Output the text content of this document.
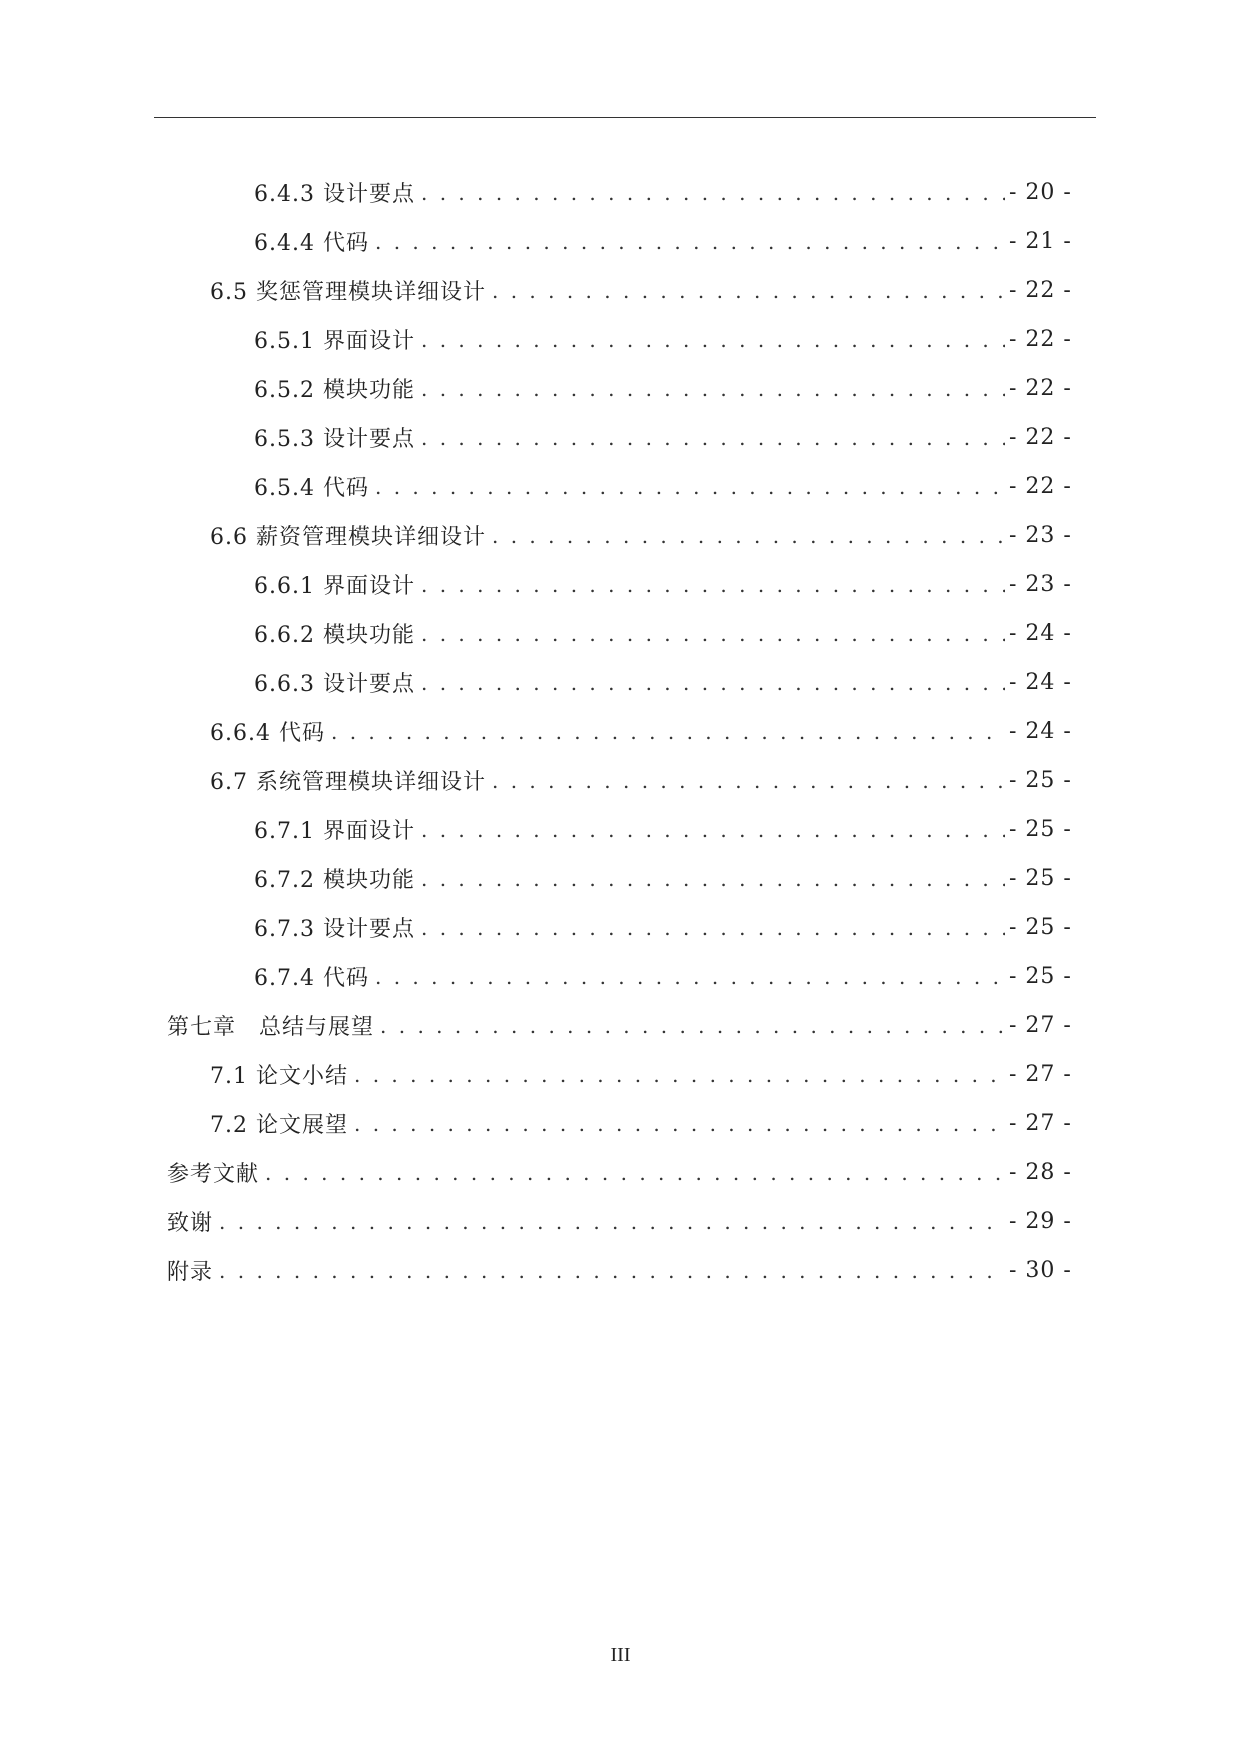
6.4.3 设计要点 . . .	- 20 -
6.4.4 代码 . . .	- 21 -
6.5 奖惩管理模块详细设计 . . .	- 22 -
6.5.1 界面设计 . . .	- 22 -
6.5.2 模块功能 . . .	- 22 -
6.5.3 设计要点 . . .	- 22 -
6.5.4 代码 . . .	- 22 -
6.6 薪资管理模块详细设计 . . .	- 23 -
6.6.1 界面设计 . . .	- 23 -
6.6.2 模块功能 . . .	- 24 -
6.6.3 设计要点 . . .	- 24 -
6.6.4 代码 . . .	- 24 -
6.7 系统管理模块详细设计 . . .	- 25 -
6.7.1 界面设计 . . .	- 25 -
6.7.2 模块功能 . . .	- 25 -
6.7.3 设计要点 . . .	- 25 -
6.7.4 代码 . . .	- 25 -
第七章　总结与展望 . . .	- 27 -
7.1 论文小结 . . .	- 27 -
7.2 论文展望 . . .	- 27 -
参考文献 . . .	- 28 -
致谢 . . .	- 29 -
附录 . . .	- 30 -
III
